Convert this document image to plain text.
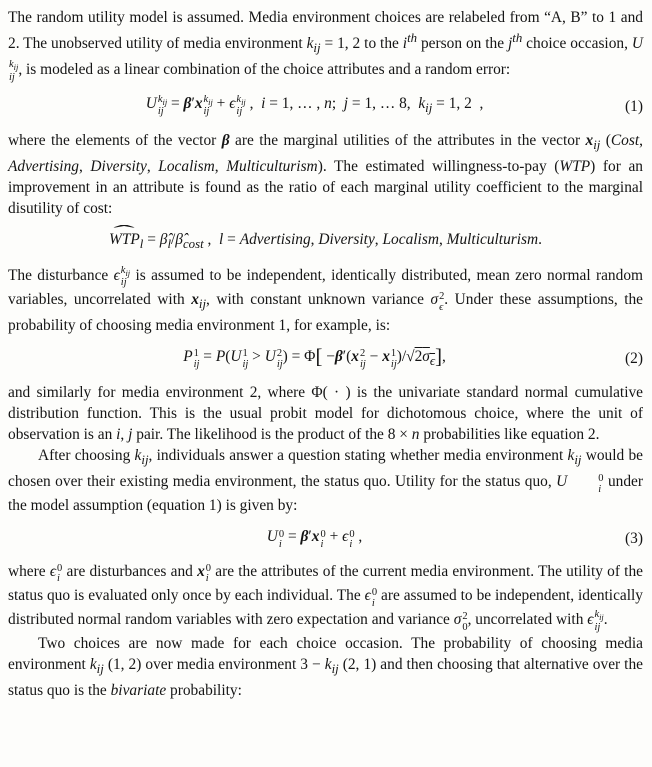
The random utility model is assumed. Media environment choices are relabeled from “A, B” to 1 and 2. The unobserved utility of media environment $k_{ij} = 1$, 2 to the $i^{th}$ person on the $j^{th}$ choice occasion, U
$k_{ij}$
ij , is modeled as a linear combination of the choice attributes and a random error:

U $k_{ij}$
ij = β′x $k_{ij}$
ij + ϵ $k_{ij}$
ij ,  i = 1, … , n;  j = 1, … 8,  $k_{ij} = 1$, 2  ,	(1)

where the elements of the vector β are the marginal utilities of the attributes in the vector $x_{ij}$ (Cost, Advertising, Diversity, Localism, Multiculturism). The estimated willingness-to-pay (WTP) for an improvement in an attribute is found as the ratio of each marginal utility coefficient to the marginal disutility of cost:

WTP ˆ$_l$ = $\betâ_l/\betâ_{cost}$ ,  l = Advertising, Diversity, Localism, Multiculturism.

The disturbance ϵ $k_{ij}$
ij is assumed to be independent, identically distributed, mean zero normal random variables, uncorrelated with $x_{ij}$, with constant unknown variance σ 2
ϵ . Under these assumptions, the probability of choosing media environment 1, for example, is:

P 1
ij = P(U 1
ij > U 2
ij ) = Φ[ −β′(x 2
ij − x 1
ij )$/√2\sigma_\epsilon$],	(2)

and similarly for media environment 2, where Φ( · ) is the univariate standard normal cumulative distribution function. This is the usual probit model for dichotomous choice, where the unit of observation is an i, j pair. The likelihood is the product of the 8 × n probabilities like equation 2.

After choosing $k_{ij}$, individuals answer a question stating whether media environment $k_{ij}$ would be chosen over their existing media environment, the status quo. Utility for the status quo, U	0
i under the model assumption (equation 1) is given by:

U 0
i = β′x 0
i + ϵ 0
i ,	(3)

where ϵ 0
i are disturbances and x 0
i are the attributes of the current media environment. The utility of the status quo is evaluated only once by each individual. The ϵ 0
i are assumed to be independent, identically distributed normal random variables with zero expectation and variance σ 2
0 , uncorrelated with ϵ $k_{ij}$
ij .

Two choices are now made for each choice occasion. The probability of choosing media environment $k_{ij}$ (1, 2) over media environment $3 - k_{ij}$ (2, 1) and then choosing that alternative over the status quo is the bivariate probability:
